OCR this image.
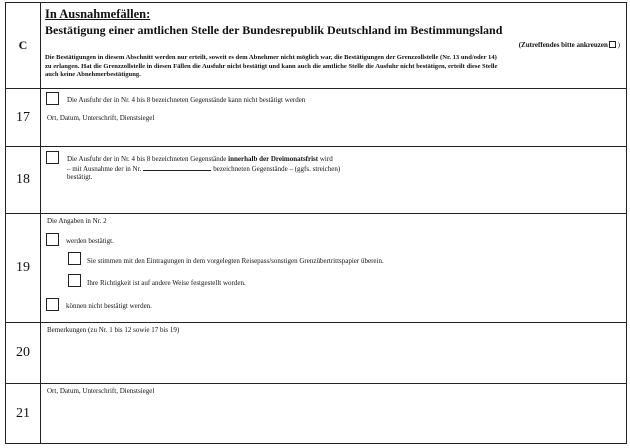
C
In Ausnahmefällen:
Bestätigung einer amtlichen Stelle der Bundesrepublik Deutschland im Bestimmungsland
(Zutreffendes bitte ankreuzen )
Die Bestätigungen in diesem Abschnitt werden nur erteilt, soweit es dem Abnehmer nicht möglich war, die Bestätigungen der Grenzzollstelle (Nr. 13 und/oder 14)
zu erlangen. Hat die Grenzzollstelle in diesen Fällen die Ausfuhr nicht bestätigt und kann auch die amtliche Stelle die Ausfuhr nicht bestätigen, erteilt diese Stelle
auch keine Abnehmerbestätigung.
17
Die Ausfuhr der in Nr. 4 bis 8 bezeichneten Gegenstände kann nicht bestätigt werden
Ort, Datum, Unterschrift, Dienstsiegel
18
Die Ausfuhr der in Nr. 4 bis 8 bezeichneten Gegenstände innerhalb der Dreimonatsfrist wird
– mit Ausnahme der in Nr.	bezeichneten Gegenstände – (ggfs. streichen)
bestätigt.
19
Die Angaben in Nr. 2
werden bestätigt.
Sie stimmen mit den Eintragungen in dem vorgelegten Reisepass/sonstigen Grenzübertrittspapier überein.
Ihre Richtigkeit ist auf andere Weise festgestellt worden.
können nicht bestätigt werden.
20
Bemerkungen (zu Nr. 1 bis 12 sowie 17 bis 19)
21
Ort, Datum, Unterschrift, Dienstsiegel
